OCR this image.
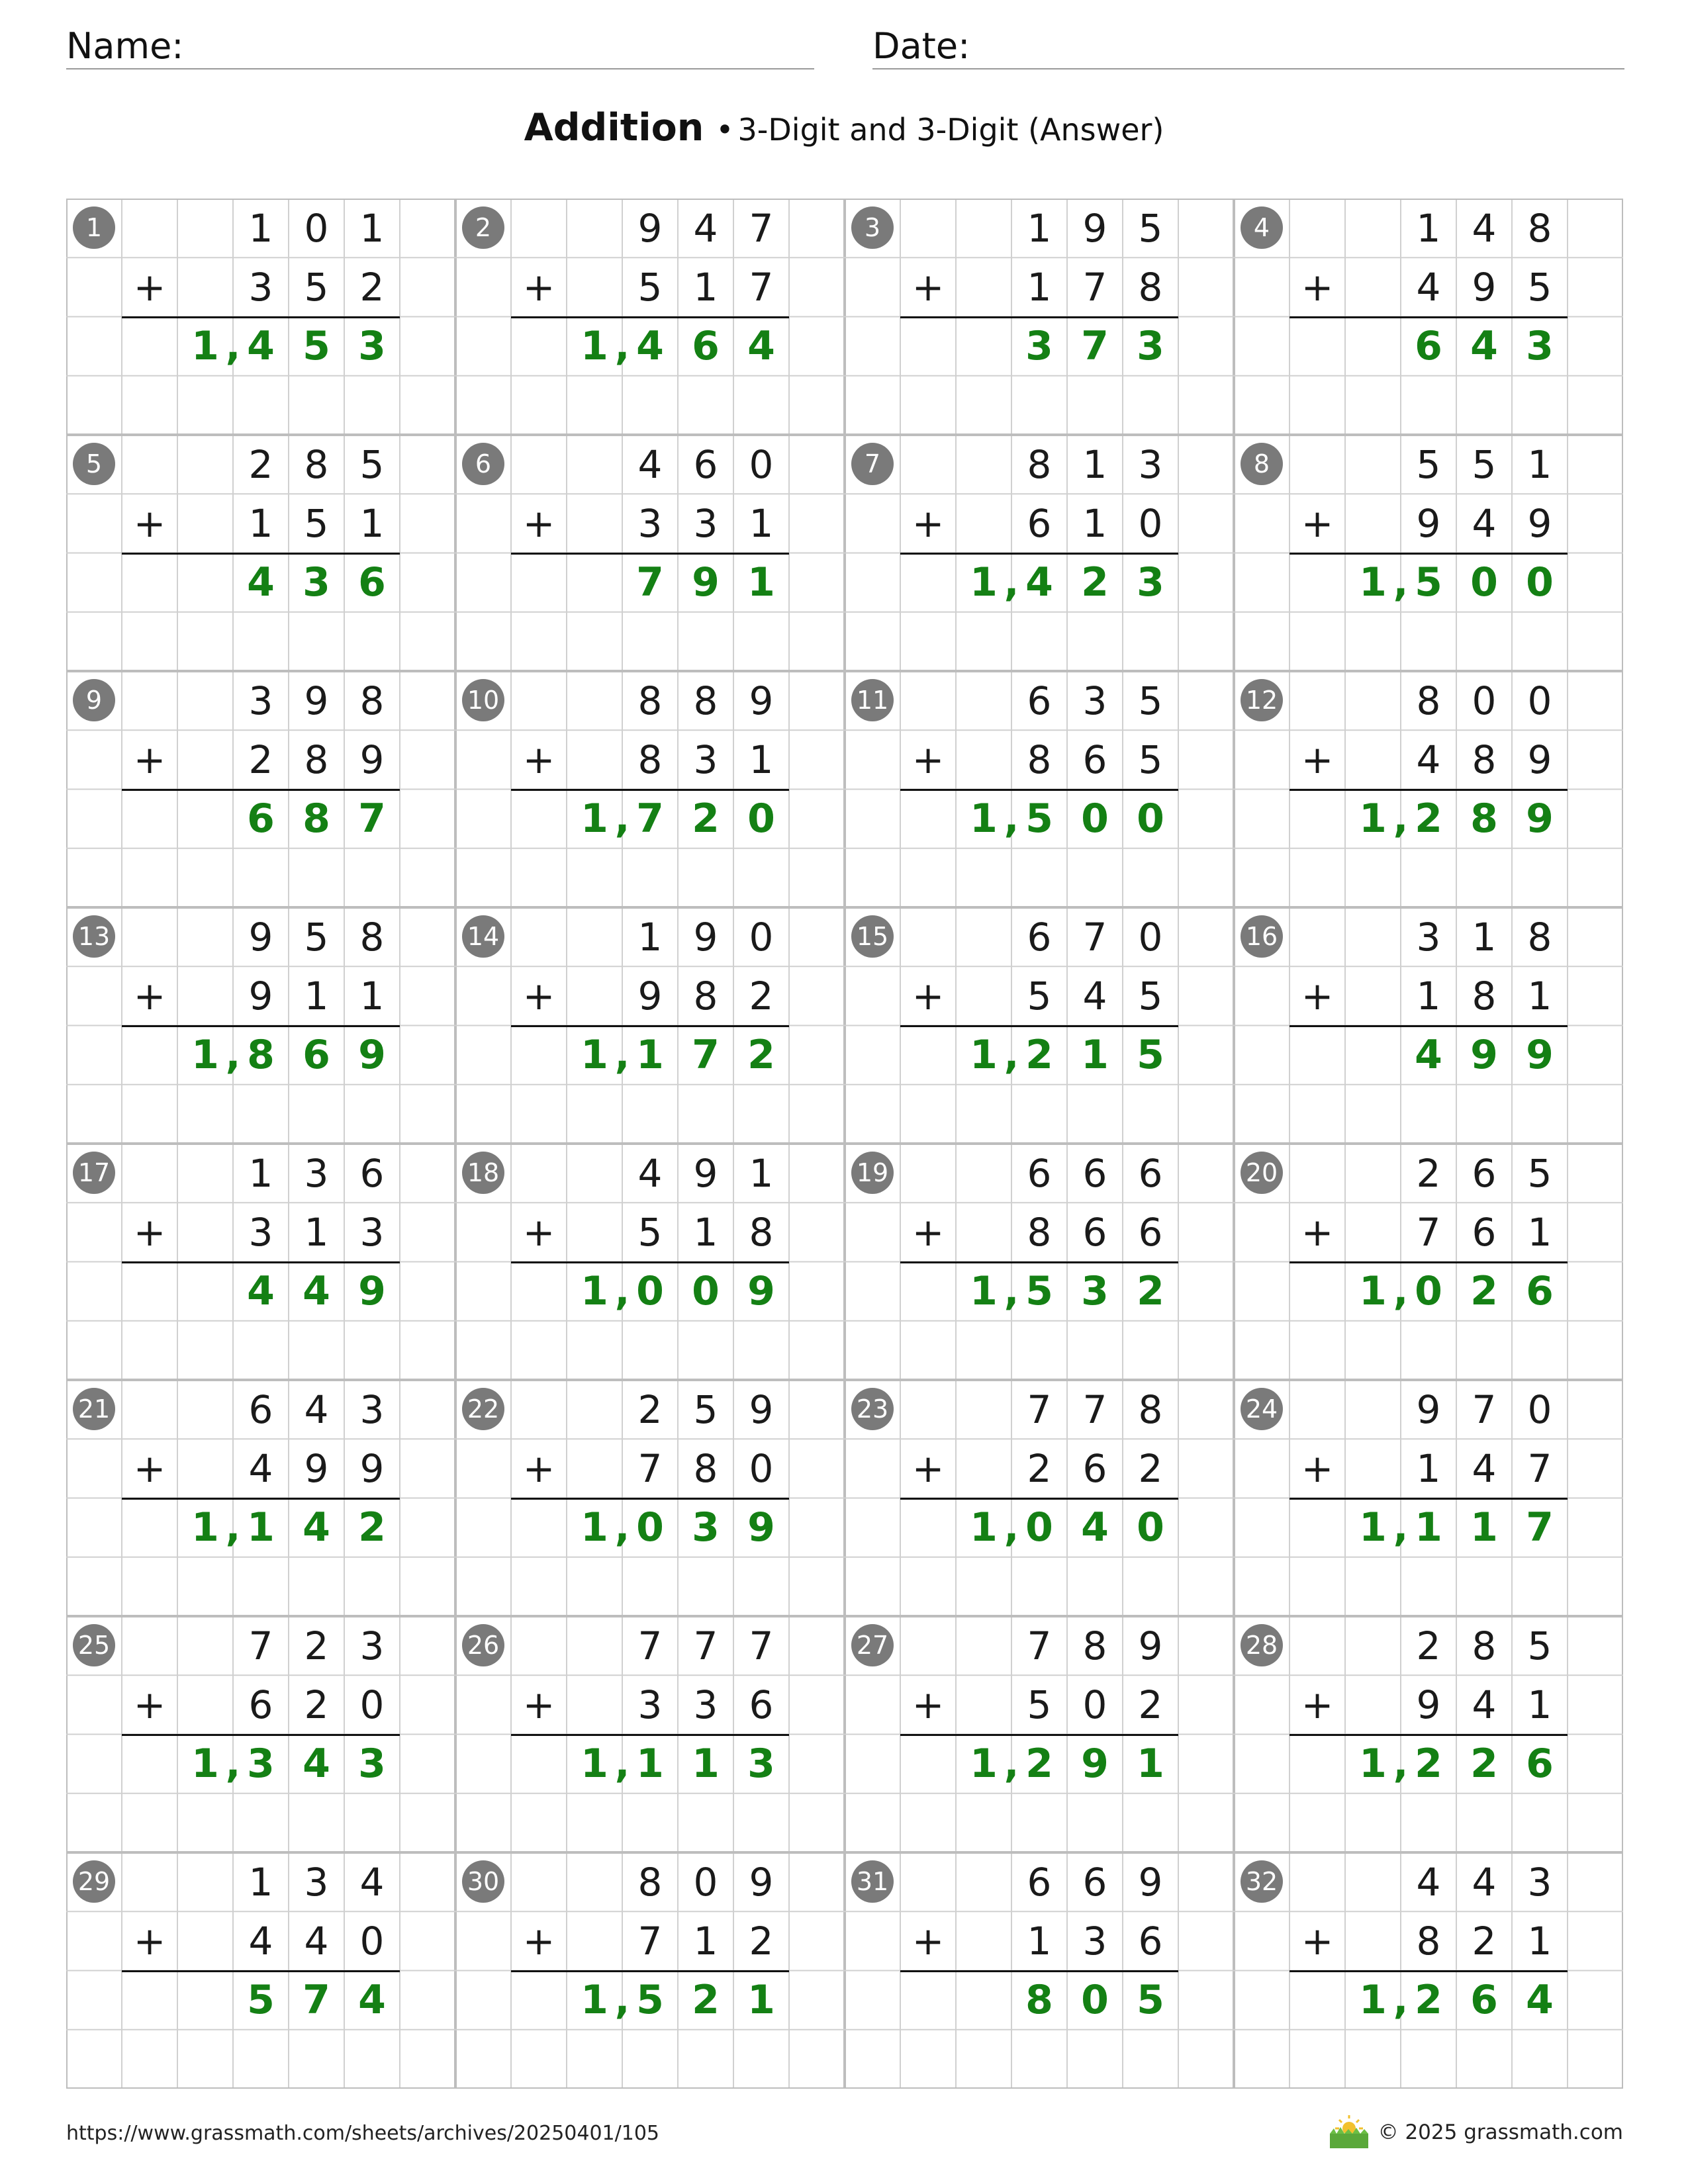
Name:	Date:
Addition • 3-Digit and 3-Digit (Answer)
1	1 0 1
3 5 2
+
1 4 5 3
,
2	9 4 7
5 1 7
+
1 4 6 4
,
3	1 9 5
1 7 8
+
3 7 3
4	1 4 8
4 9 5
+
6 4 3
5	2 8 5
1 5 1
+
4 3 6
6	4 6 0
3 3 1
+
7 9 1
7	8 1 3
6 1 0
+
1 4 2 3
,
8	5 5 1
9 4 9
+
1 5 0 0
,
9	3 9 8
2 8 9
+
6 8 7
10	8 8 9
8 3 1
+
1 7 2 0
,
11	6 3 5
8 6 5
+
1 5 0 0
,
12	8 0 0
4 8 9
+
1 2 8 9
,
13	9 5 8
9 1 1
+
1 8 6 9
,
14	1 9 0
9 8 2
+
1 1 7 2
,
15	6 7 0
5 4 5
+
1 2 1 5
,
16	3 1 8
1 8 1
+
4 9 9
17	1 3 6
3 1 3
+
4 4 9
18	4 9 1
5 1 8
+
1 0 0 9
,
19	6 6 6
8 6 6
+
1 5 3 2
,
20	2 6 5
7 6 1
+
1 0 2 6
,
21	6 4 3
4 9 9
+
1 1 4 2
,
22	2 5 9
7 8 0
+
1 0 3 9
,
23	7 7 8
2 6 2
+
1 0 4 0
,
24	9 7 0
1 4 7
+
1 1 1 7
,
25	7 2 3
6 2 0
+
1 3 4 3
,
26	7 7 7
3 3 6
+
1 1 1 3
,
27	7 8 9
5 0 2
+
1 2 9 1
,
28	2 8 5
9 4 1
+
1 2 2 6
,
29	1 3 4
4 4 0
+
5 7 4
30	8 0 9
7 1 2
+
1 5 2 1
,
31	6 6 9
1 3 6
+
8 0 5
32	4 4 3
8 2 1
+
1 2 6 4
,
https://www.grassmath.com/sheets/archives/20250401/105	© 2025 grassmath.com
